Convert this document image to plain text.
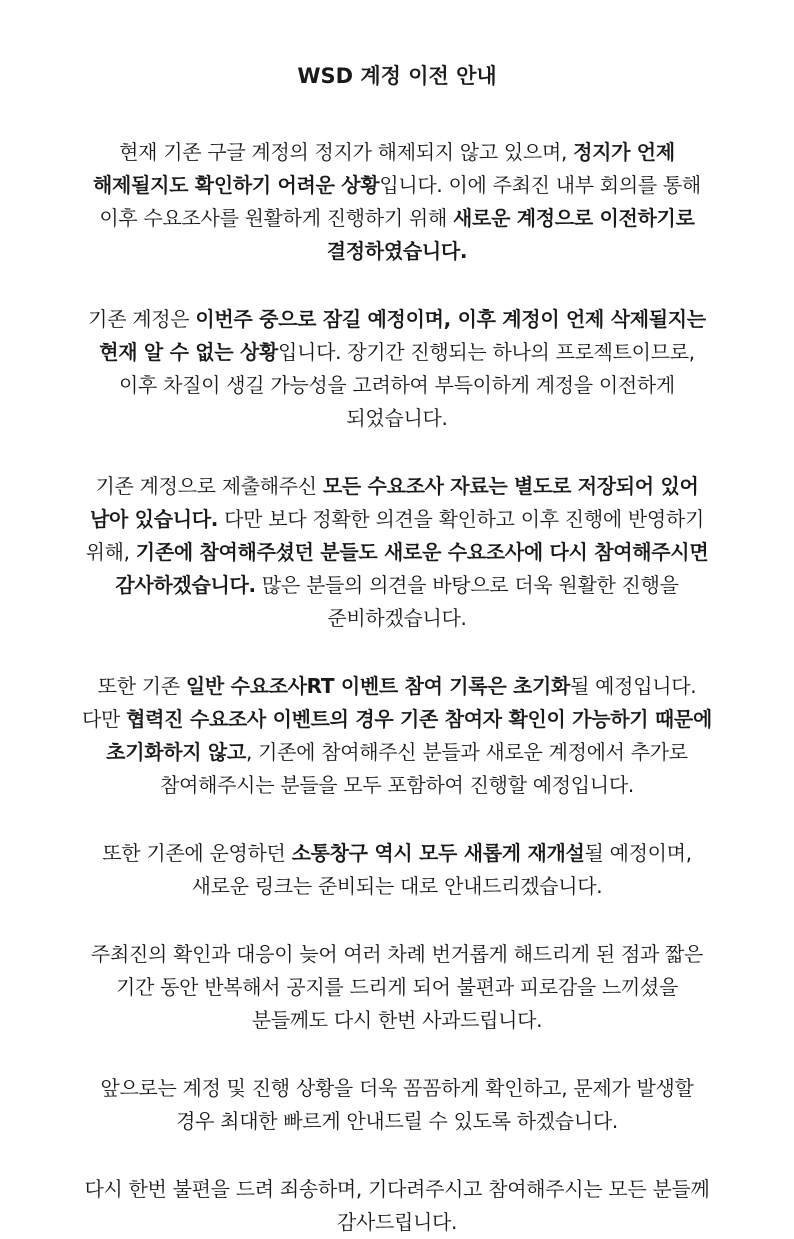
WSD 계정 이전 안내

현재 기존 구글 계정의 정지가 해제되지 않고 있으며, 정지가 언제
해제될지도 확인하기 어려운 상황입니다. 이에 주최진 내부 회의를 통해
이후 수요조사를 원활하게 진행하기 위해 새로운 계정으로 이전하기로
결정하였습니다.

기존 계정은 이번주 중으로 잠길 예정이며, 이후 계정이 언제 삭제될지는
현재 알 수 없는 상황입니다. 장기간 진행되는 하나의 프로젝트이므로,
이후 차질이 생길 가능성을 고려하여 부득이하게 계정을 이전하게
되었습니다.

기존 계정으로 제출해주신 모든 수요조사 자료는 별도로 저장되어 있어
남아 있습니다. 다만 보다 정확한 의견을 확인하고 이후 진행에 반영하기
위해, 기존에 참여해주셨던 분들도 새로운 수요조사에 다시 참여해주시면
감사하겠습니다. 많은 분들의 의견을 바탕으로 더욱 원활한 진행을
준비하겠습니다.

또한 기존 일반 수요조사RT 이벤트 참여 기록은 초기화될 예정입니다.
다만 협력진 수요조사 이벤트의 경우 기존 참여자 확인이 가능하기 때문에
초기화하지 않고, 기존에 참여해주신 분들과 새로운 계정에서 추가로
참여해주시는 분들을 모두 포함하여 진행할 예정입니다.

또한 기존에 운영하던 소통창구 역시 모두 새롭게 재개설될 예정이며,
새로운 링크는 준비되는 대로 안내드리겠습니다.

주최진의 확인과 대응이 늦어 여러 차례 번거롭게 해드리게 된 점과 짧은
기간 동안 반복해서 공지를 드리게 되어 불편과 피로감을 느끼셨을
분들께도 다시 한번 사과드립니다.

앞으로는 계정 및 진행 상황을 더욱 꼼꼼하게 확인하고, 문제가 발생할
경우 최대한 빠르게 안내드릴 수 있도록 하겠습니다.

다시 한번 불편을 드려 죄송하며, 기다려주시고 참여해주시는 모든 분들께
감사드립니다.
